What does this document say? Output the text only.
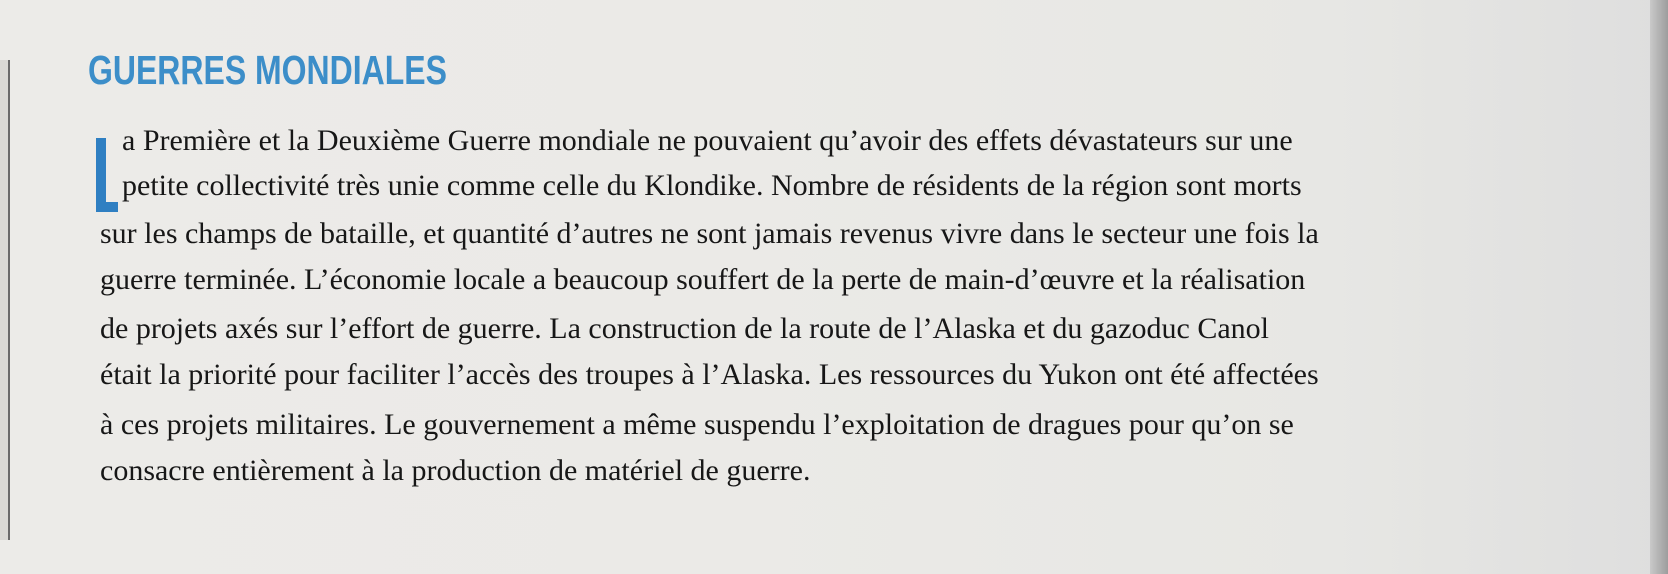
GUERRES MONDIALES

a Première et la Deuxième Guerre mondiale ne pouvaient qu’avoir des effets dévastateurs sur une

petite collectivité très unie comme celle du Klondike. Nombre de résidents de la région sont morts

sur les champs de bataille, et quantité d’autres ne sont jamais revenus vivre dans le secteur une fois la

guerre terminée. L’économie locale a beaucoup souffert de la perte de main-d’œuvre et la réalisation

de projets axés sur l’effort de guerre. La construction de la route de l’Alaska et du gazoduc Canol

était la priorité pour faciliter l’accès des troupes à l’Alaska. Les ressources du Yukon ont été affectées

à ces projets militaires. Le gouvernement a même suspendu l’exploitation de dragues pour qu’on se

consacre entièrement à la production de matériel de guerre.
